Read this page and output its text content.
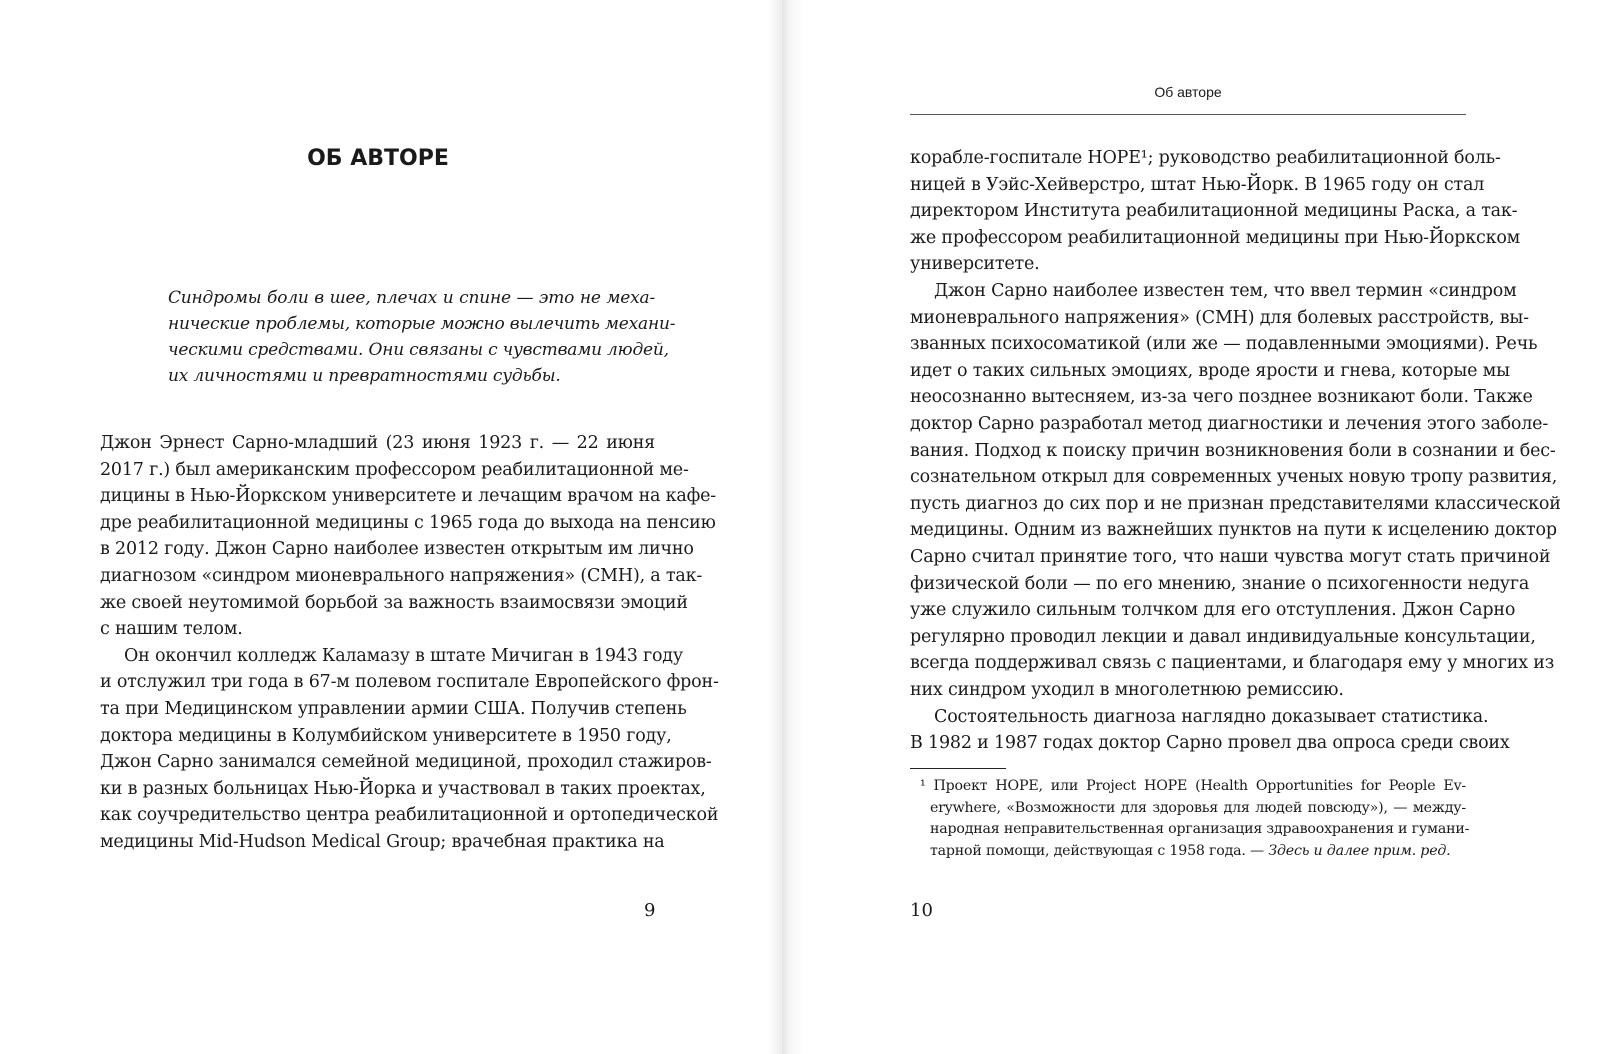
ОБ АВТОРЕ
Синдромы боли в шее, плечах и спине — это не меха-
нические проблемы, которые можно вылечить механи-
ческими средствами. Они связаны с чувствами людей,
их личностями и превратностями судьбы.
Джон Эрнест Сарно-младший (23 июня 1923 г. — 22 июня
2017 г.) был американским профессором реабилитационной ме-
дицины в Нью-Йоркском университете и лечащим врачом на кафе-
дре реабилитационной медицины с 1965 года до выхода на пенсию
в 2012 году. Джон Сарно наиболее известен открытым им лично
диагнозом «синдром мионеврального напряжения» (СМН), а так-
же своей неутомимой борьбой за важность взаимосвязи эмоций
с нашим телом.
Он окончил колледж Каламазу в штате Мичиган в 1943 году
и отслужил три года в 67-м полевом госпитале Европейского фрон-
та при Медицинском управлении армии США. Получив степень
доктора медицины в Колумбийском университете в 1950 году,
Джон Сарно занимался семейной медициной, проходил стажиров-
ки в разных больницах Нью-Йорка и участвовал в таких проектах,
как соучредительство центра реабилитационной и ортопедической
медицины Mid-Hudson Medical Group; врачебная практика на
9
Об авторе
корабле-госпитале HOPE¹; руководство реабилитационной боль-
ницей в Уэйс-Хейверстро, штат Нью-Йорк. В 1965 году он стал
директором Института реабилитационной медицины Раска, а так-
же профессором реабилитационной медицины при Нью-Йоркском
университете.
Джон Сарно наиболее известен тем, что ввел термин «синдром
мионеврального напряжения» (СМН) для болевых расстройств, вы-
званных психосоматикой (или же — подавленными эмоциями). Речь
идет о таких сильных эмоциях, вроде ярости и гнева, которые мы
неосознанно вытесняем, из-за чего позднее возникают боли. Также
доктор Сарно разработал метод диагностики и лечения этого заболе-
вания. Подход к поиску причин возникновения боли в сознании и бес-
сознательном открыл для современных ученых новую тропу развития,
пусть диагноз до сих пор и не признан представителями классической
медицины. Одним из важнейших пунктов на пути к исцелению доктор
Сарно считал принятие того, что наши чувства могут стать причиной
физической боли — по его мнению, знание о психогенности недуга
уже служило сильным толчком для его отступления. Джон Сарно
регулярно проводил лекции и давал индивидуальные консультации,
всегда поддерживал связь с пациентами, и благодаря ему у многих из
них синдром уходил в многолетнюю ремиссию.
Состоятельность диагноза наглядно доказывает статистика.
В 1982 и 1987 годах доктор Сарно провел два опроса среди своих
¹ Проект HOPE, или Project HOPE (Health Opportunities for People Ev-
erywhere, «Возможности для здоровья для людей повсюду»), — между-
народная неправительственная организация здравоохранения и гумани-
тарной помощи, действующая с 1958 года. — Здесь и далее прим. ред.
10
